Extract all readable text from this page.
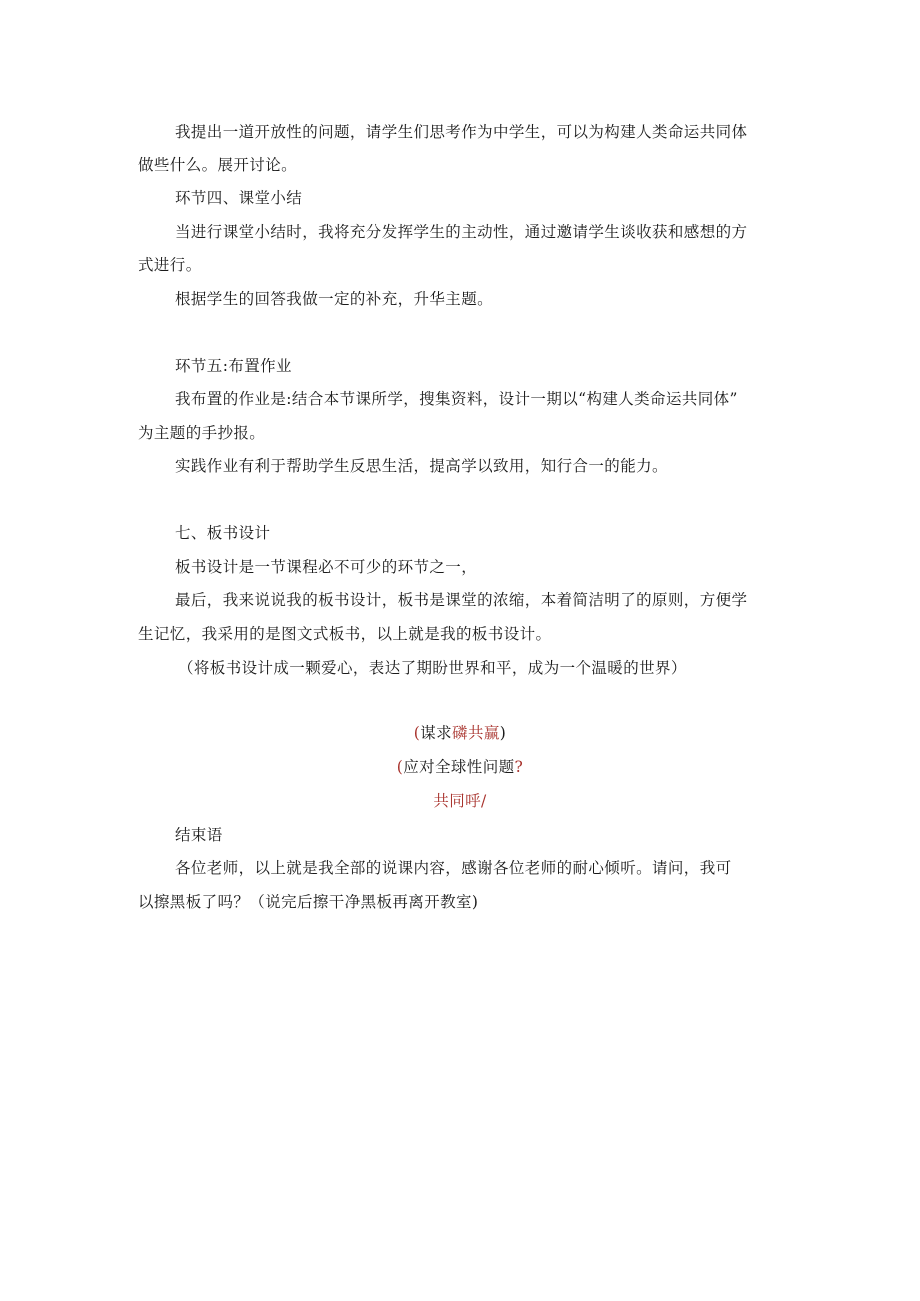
我提出一道开放性的问题，请学生们思考作为中学生，可以为构建人类命运共同体
做些什么。展开讨论。
环节四、课堂小结
当进行课堂小结时，我将充分发挥学生的主动性，通过邀请学生谈收获和感想的方
式进行。
根据学生的回答我做一定的补充，升华主题。
环节五:布置作业
我布置的作业是:结合本节课所学，搜集资料，设计一期以“构建人类命运共同体”
为主题的手抄报。
实践作业有利于帮助学生反思生活，提高学以致用，知行合一的能力。
七、板书设计
板书设计是一节课程必不可少的环节之一，
最后，我来说说我的板书设计，板书是课堂的浓缩，本着简洁明了的原则，方便学
生记忆，我采用的是图文式板书，以上就是我的板书设计。
（将板书设计成一颗爱心，表达了期盼世界和平，成为一个温暖的世界）
(谋求磷共赢)
(应对全球性问题?
共同呼/
结束语
各位老师，以上就是我全部的说课内容，感谢各位老师的耐心倾听。请问，我可
以擦黑板了吗？（说完后擦干净黑板再离开教室)
